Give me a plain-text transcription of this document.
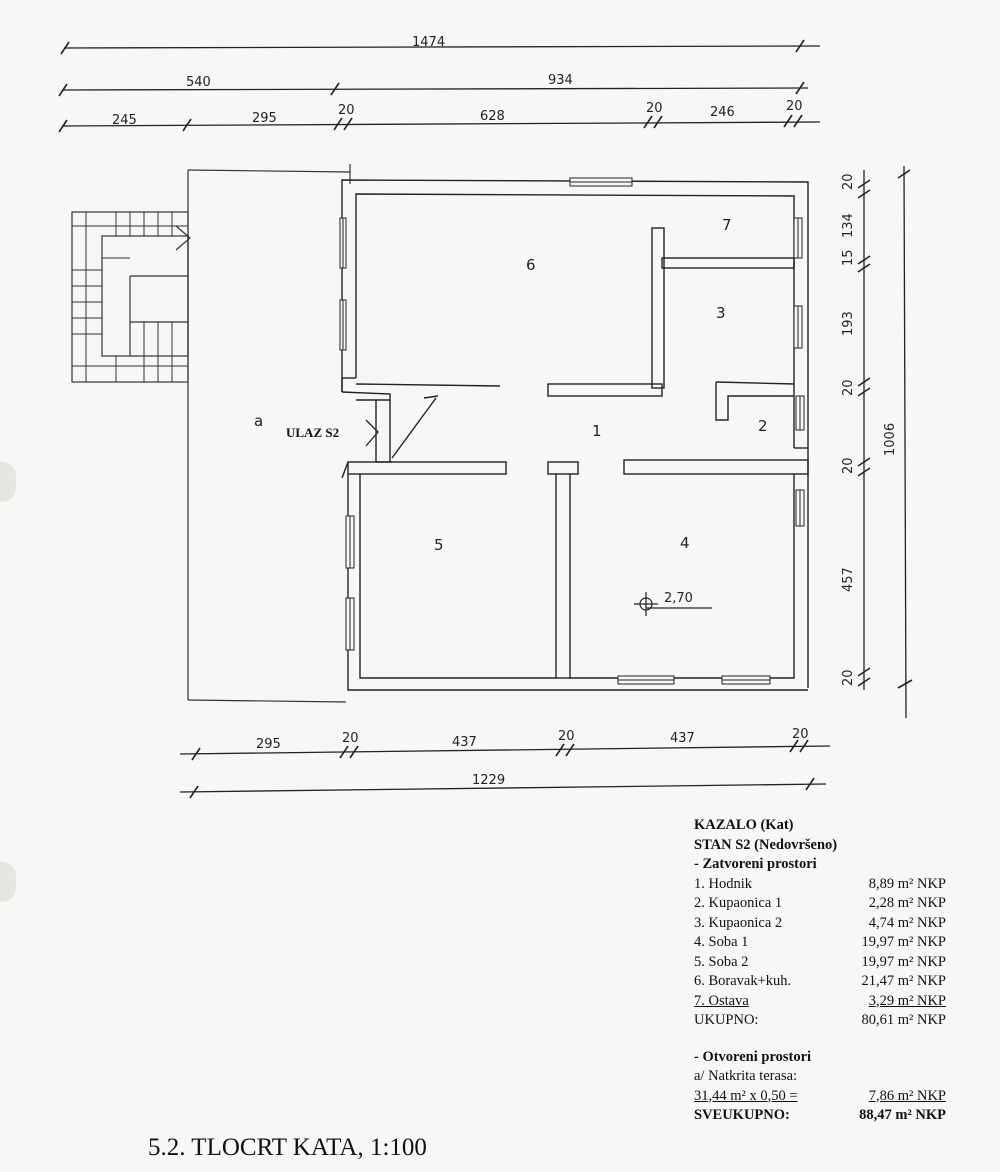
1474
540	934
245	295
20	628
20	246	20
20
134
15
193
20
20
457
20
1006
295	20	437	20	437	20
1229
1	2
3
4
5
6
7
a
ULAZ S2
2,70
KAZALO (Kat)
STAN S2 (Nedovršeno)
- Zatvoreni prostori
1. Hodnik	8,89 m² NKP
2. Kupaonica 1	2,28 m² NKP
3. Kupaonica 2	4,74 m² NKP
4. Soba 1	19,97 m² NKP
5. Soba 2	19,97 m² NKP
6. Boravak+kuh.	21,47 m² NKP
7. Ostava	3,29 m² NKP
UKUPNO:	80,61 m² NKP
- Otvoreni prostori
a/ Natkrita terasa:
31,44 m² x 0,50 =	7,86 m² NKP
SVEUKUPNO:	88,47 m² NKP
5.2. TLOCRT KATA, 1:100
